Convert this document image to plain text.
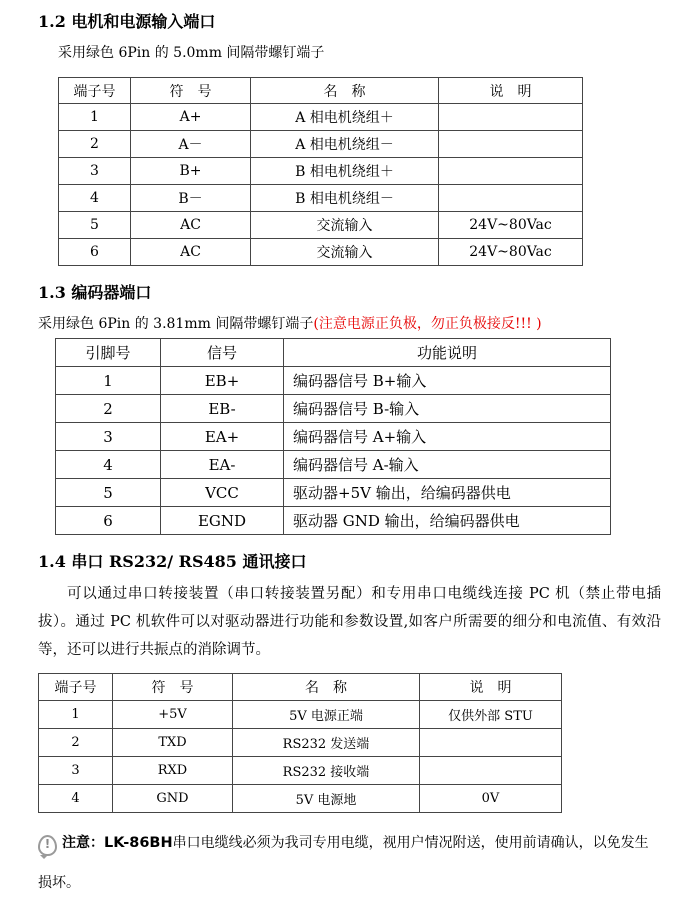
1.2 电机和电源输入端口

采用绿色 6Pin 的 5.0mm 间隔带螺钉端子

端子号	符　号	名　称	说　明
1	A+	A 相电机绕组＋	
2	A－	A 相电机绕组－	
3	B+	B 相电机绕组＋	
4	B－	B 相电机绕组－	
5	AC	交流输入	24V~80Vac
6	AC	交流输入	24V~80Vac
1.3 编码器端口

采用绿色 6Pin 的 3.81mm 间隔带螺钉端子(注意电源正负极，勿正负极接反!!! )

引脚号	信号	功能说明
1	EB+	编码器信号 B+输入
2	EB-	编码器信号 B-输入
3	EA+	编码器信号 A+输入
4	EA-	编码器信号 A-输入
5	VCC	驱动器+5V 输出，给编码器供电
6	EGND	驱动器 GND 输出，给编码器供电
1.4 串口 RS232/ RS485 通讯接口

可以通过串口转接装置（串口转接装置另配）和专用串口电缆线连接 PC 机（禁止带电插拔）。通过 PC 机软件可以对驱动器进行功能和参数设置,如客户所需要的细分和电流值、有效沿等，还可以进行共振点的消除调节。

端子号	符　号	名　称	说　明
1	+5V	5V 电源正端	仅供外部 STU
2	TXD	RS232 发送端	
3	RXD	RS232 接收端	
4	GND	5V 电源地	0V

! 注意：LK-86BH串口电缆线必须为我司专用电缆，视用户情况附送，使用前请确认，以免发生损坏。
